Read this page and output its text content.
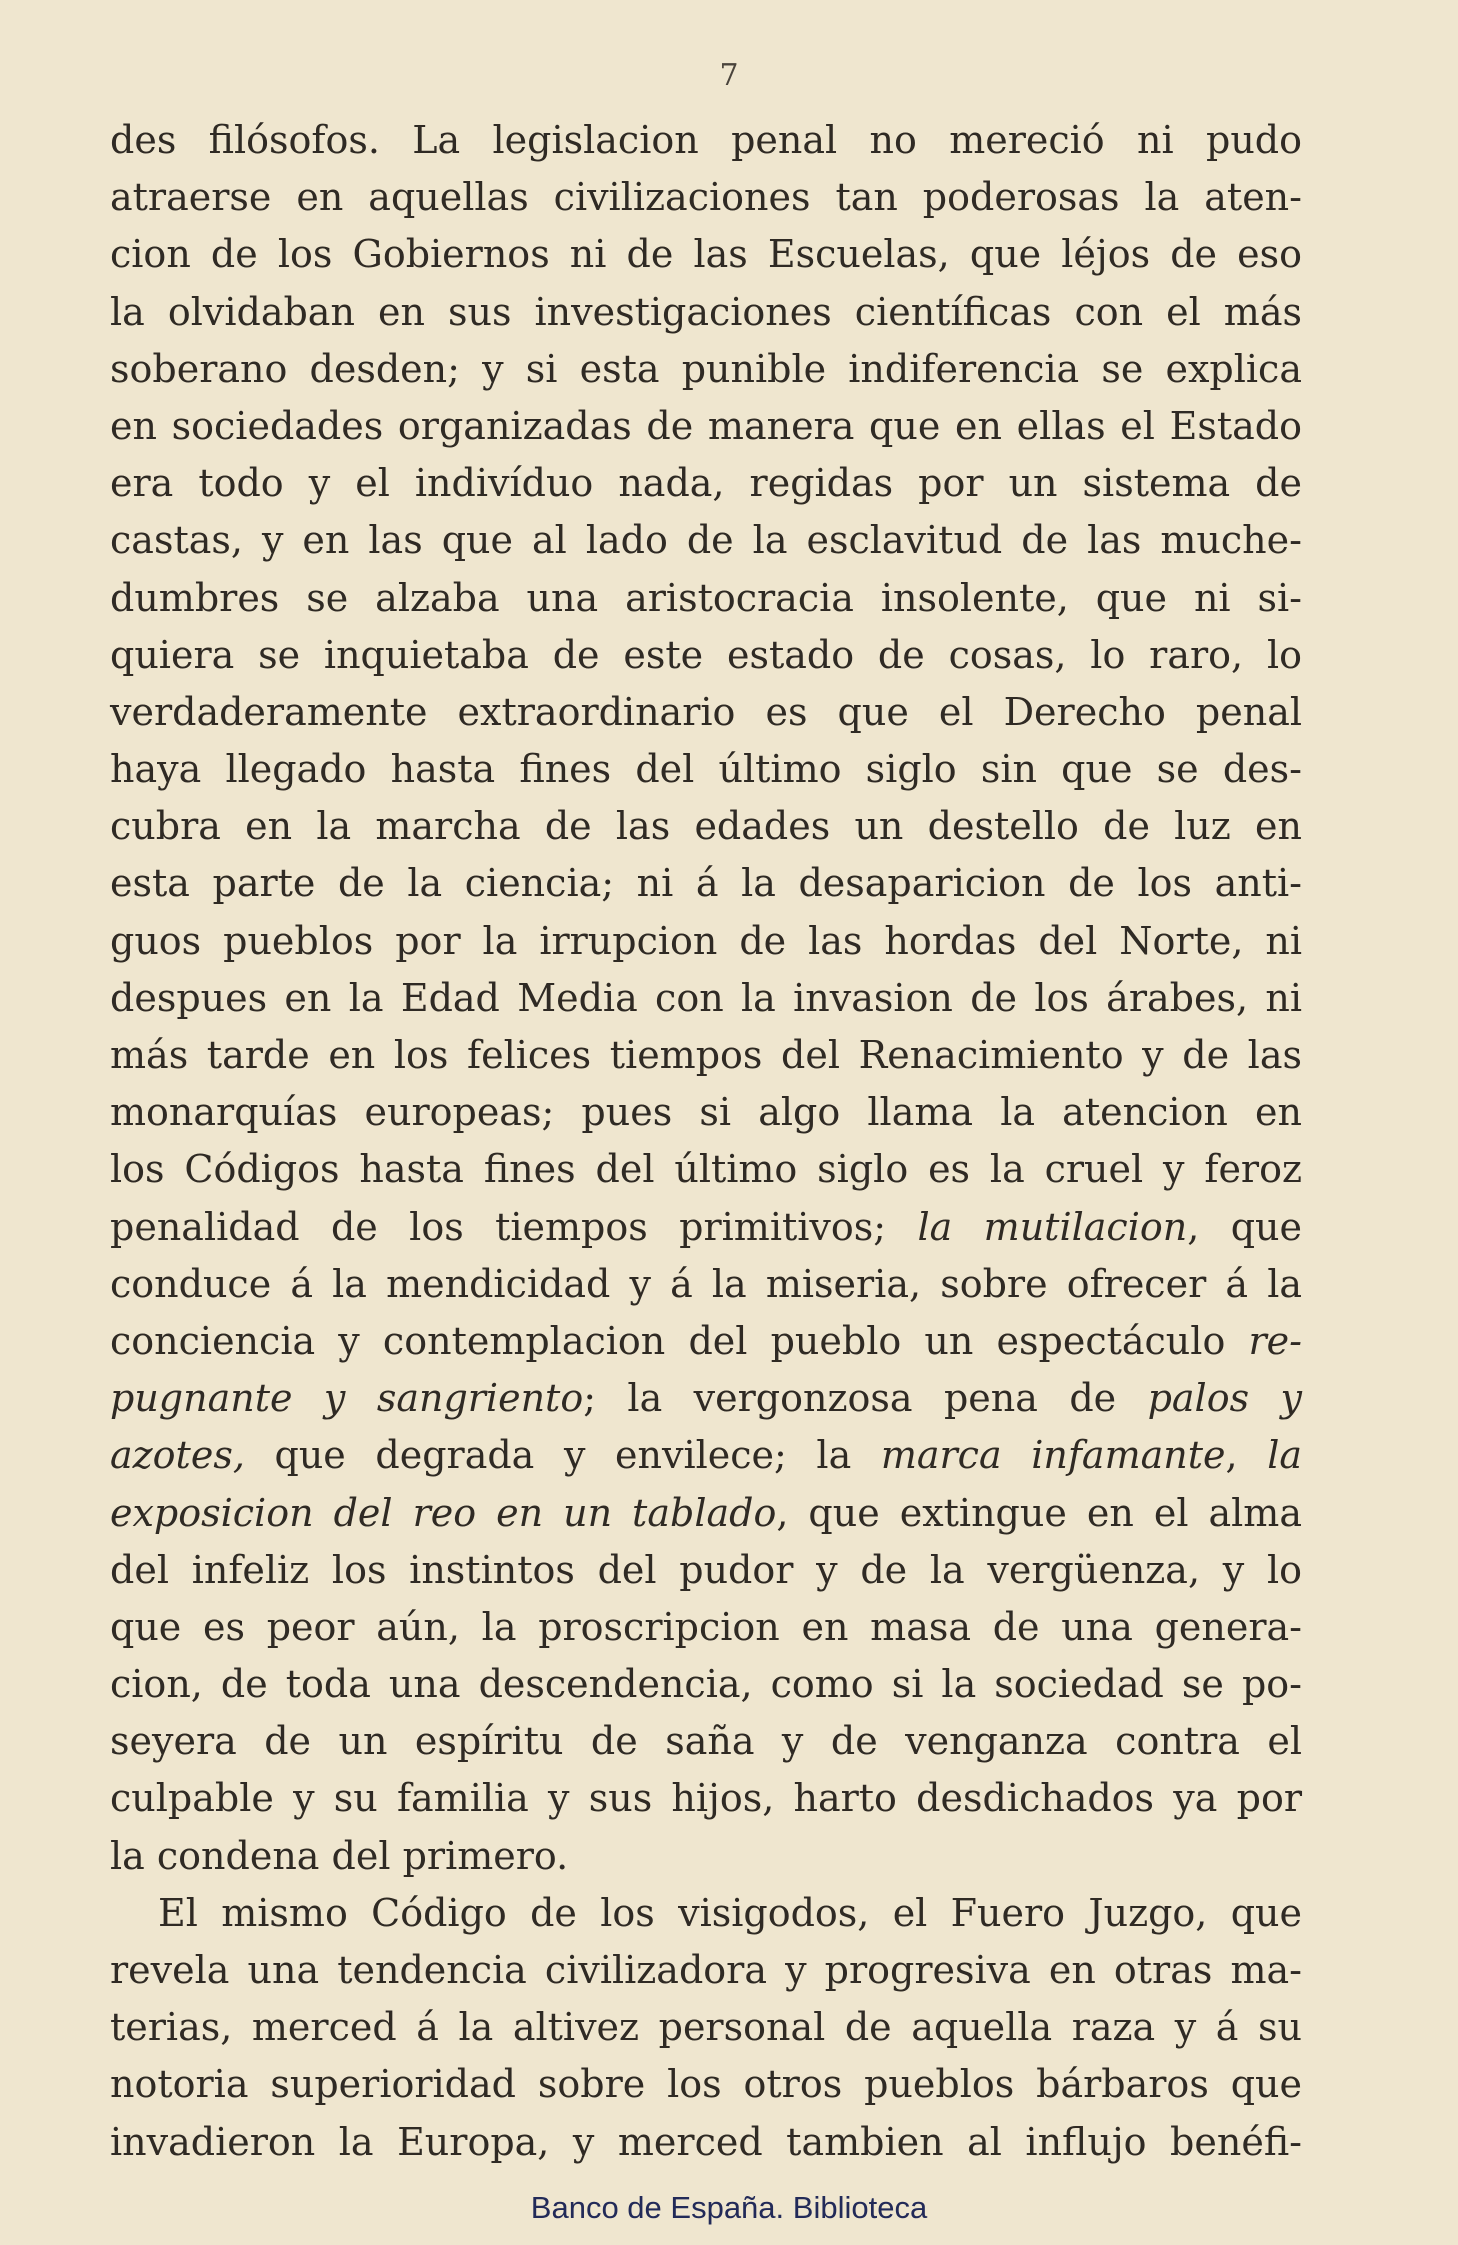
7
des filósofos. La legislacion penal no mereció ni pudo
atraerse en aquellas civilizaciones tan poderosas la aten-
cion de los Gobiernos ni de las Escuelas, que léjos de eso
la olvidaban en sus investigaciones científicas con el más
soberano desden; y si esta punible indiferencia se explica
en sociedades organizadas de manera que en ellas el Estado
era todo y el indivíduo nada, regidas por un sistema de
castas, y en las que al lado de la esclavitud de las muche-
dumbres se alzaba una aristocracia insolente, que ni si-
quiera se inquietaba de este estado de cosas, lo raro, lo
verdaderamente extraordinario es que el Derecho penal
haya llegado hasta fines del último siglo sin que se des-
cubra en la marcha de las edades un destello de luz en
esta parte de la ciencia; ni á la desaparicion de los anti-
guos pueblos por la irrupcion de las hordas del Norte, ni
despues en la Edad Media con la invasion de los árabes, ni
más tarde en los felices tiempos del Renacimiento y de las
monarquías europeas; pues si algo llama la atencion en
los Códigos hasta fines del último siglo es la cruel y feroz
penalidad de los tiempos primitivos; la mutilacion, que
conduce á la mendicidad y á la miseria, sobre ofrecer á la
conciencia y contemplacion del pueblo un espectáculo re-
pugnante y sangriento; la vergonzosa pena de palos y
azotes, que degrada y envilece; la marca infamante, la
exposicion del reo en un tablado, que extingue en el alma
del infeliz los instintos del pudor y de la vergüenza, y lo
que es peor aún, la proscripcion en masa de una genera-
cion, de toda una descendencia, como si la sociedad se po-
seyera de un espíritu de saña y de venganza contra el
culpable y su familia y sus hijos, harto desdichados ya por
la condena del primero.
El mismo Código de los visigodos, el Fuero Juzgo, que
revela una tendencia civilizadora y progresiva en otras ma-
terias, merced á la altivez personal de aquella raza y á su
notoria superioridad sobre los otros pueblos bárbaros que
invadieron la Europa, y merced tambien al influjo benéfi-
Banco de España. Biblioteca
